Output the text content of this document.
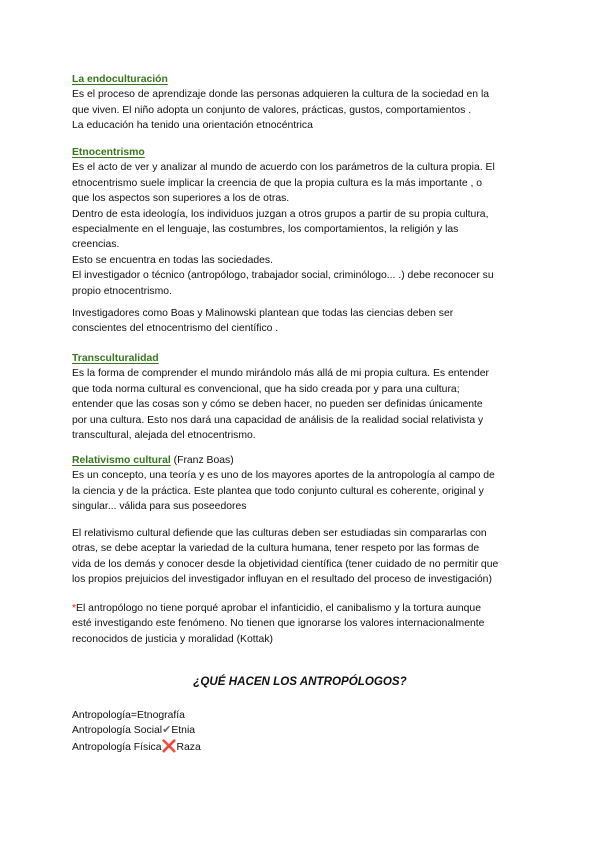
La endoculturación
Es el proceso de aprendizaje donde las personas adquieren la cultura de la sociedad en la
que viven. El niño adopta un conjunto de valores, prácticas, gustos, comportamientos .
La educación ha tenido una orientación etnocéntrica
Etnocentrismo
Es el acto de ver y analizar al mundo de acuerdo con los parámetros de la cultura propia. El
etnocentrismo suele implicar la creencia de que la propia cultura es la más importante , o
que los aspectos son superiores a los de otras.
Dentro de esta ideología, los individuos juzgan a otros grupos a partir de su propia cultura,
especialmente en el lenguaje, las costumbres, los comportamientos, la religión y las
creencias.
Esto se encuentra en todas las sociedades.
El investigador o técnico (antropólogo, trabajador social, criminólogo... .) debe reconocer su
propio etnocentrismo.
Investigadores como Boas y Malinowski plantean que todas las ciencias deben ser
conscientes del etnocentrismo del científico .
Transculturalidad
Es la forma de comprender el mundo mirándolo más allá de mi propia cultura. Es entender
que toda norma cultural es convencional, que ha sido creada por y para una cultura;
entender que las cosas son y cómo se deben hacer, no pueden ser definidas únicamente
por una cultura. Esto nos dará una capacidad de análisis de la realidad social relativista y
transcultural, alejada del etnocentrismo.
Relativismo cultural (Franz Boas)
Es un concepto, una teoría y es uno de los mayores aportes de la antropología al campo de
la ciencia y de la práctica. Este plantea que todo conjunto cultural es coherente, original y
singular... válida para sus poseedores
El relativismo cultural defiende que las culturas deben ser estudiadas sin compararlas con
otras, se debe aceptar la variedad de la cultura humana, tener respeto por las formas de
vida de los demás y conocer desde la objetividad científica (tener cuidado de no permitir que
los propios prejuicios del investigador influyan en el resultado del proceso de investigación)
*El antropólogo no tiene porqué aprobar el infanticidio, el canibalismo y la tortura aunque
esté investigando este fenómeno. No tienen que ignorarse los valores internacionalmente
reconocidos de justicia y moralidad (Kottak)
¿QUÉ HACEN LOS ANTROPÓLOGOS?
Antropología=Etnografía
Antropología Social✔Etnia
Antropología Física❌Raza
